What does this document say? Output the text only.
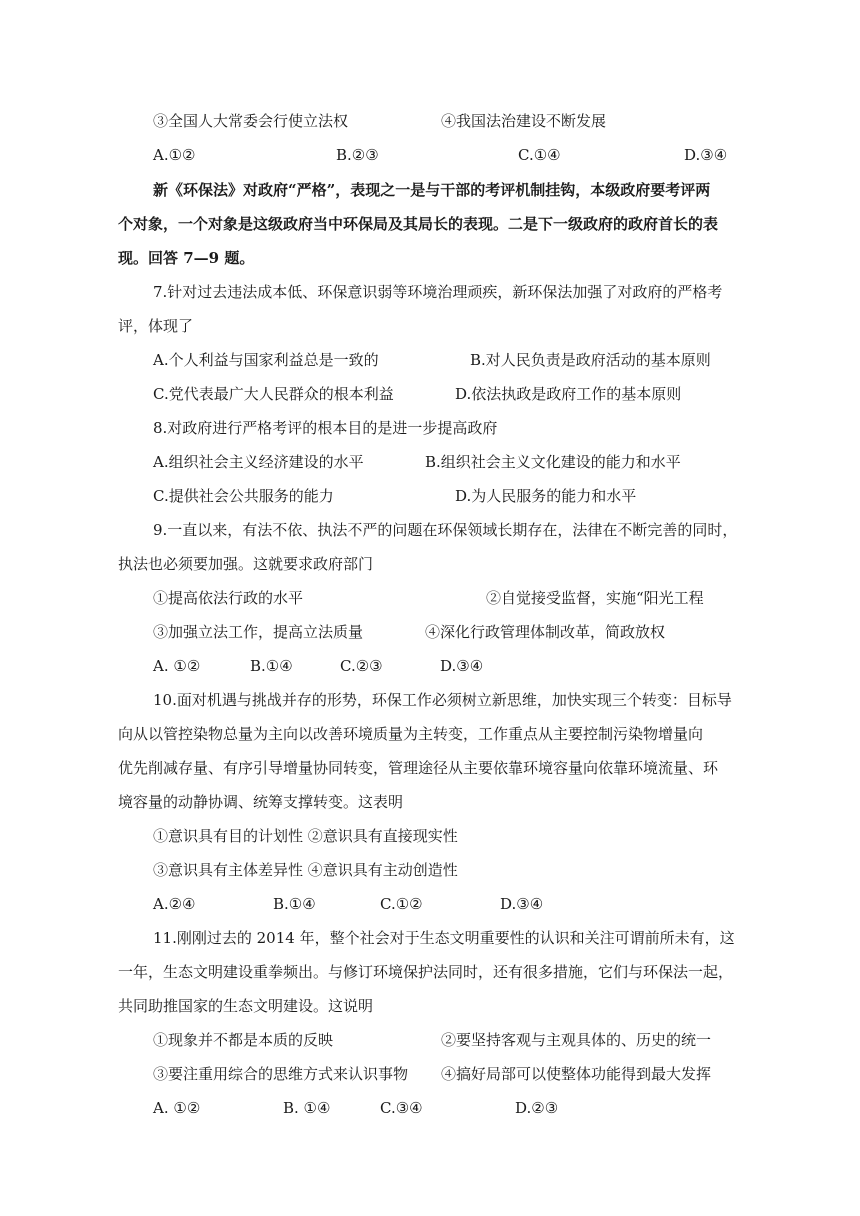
③全国人大常委会行使立法权	④我国法治建设不断发展
A.①②	B.②③	C.①④	D.③④
新《环保法》对政府“严格”，表现之一是与干部的考评机制挂钩，本级政府要考评两
个对象，一个对象是这级政府当中环保局及其局长的表现。二是下一级政府的政府首长的表
现。回答 7—9 题。
7.针对过去违法成本低、环保意识弱等环境治理顽疾，新环保法加强了对政府的严格考
评，体现了
A.个人利益与国家利益总是一致的	B.对人民负责是政府活动的基本原则
C.党代表最广大人民群众的根本利益	D.依法执政是政府工作的基本原则
8.对政府进行严格考评的根本目的是进一步提高政府
A.组织社会主义经济建设的水平	B.组织社会主义文化建设的能力和水平
C.提供社会公共服务的能力	D.为人民服务的能力和水平
9.一直以来，有法不依、执法不严的问题在环保领域长期存在，法律在不断完善的同时，
执法也必须要加强。这就要求政府部门
①提高依法行政的水平	②自觉接受监督，实施“阳光工程
③加强立法工作，提高立法质量	④深化行政管理体制改革，简政放权
A. ①②	B.①④	C.②③	D.③④
10.面对机遇与挑战并存的形势，环保工作必须树立新思维，加快实现三个转变：目标导
向从以管控染物总量为主向以改善环境质量为主转变，工作重点从主要控制污染物增量向
优先削减存量、有序引导增量协同转变，管理途径从主要依靠环境容量向依靠环境流量、环
境容量的动静协调、统筹支撑转变。这表明
①意识具有目的计划性 ②意识具有直接现实性
③意识具有主体差异性 ④意识具有主动创造性
A.②④	B.①④	C.①②	D.③④
11.刚刚过去的 2014 年，整个社会对于生态文明重要性的认识和关注可谓前所未有，这
一年，生态文明建设重拳频出。与修订环境保护法同时，还有很多措施，它们与环保法一起，
共同助推国家的生态文明建设。这说明
①现象并不都是本质的反映	②要坚持客观与主观具体的、历史的统一
③要注重用综合的思维方式来认识事物 ④搞好局部可以使整体功能得到最大发挥
A. ①②	B. ①④	C.③④	D.②③
